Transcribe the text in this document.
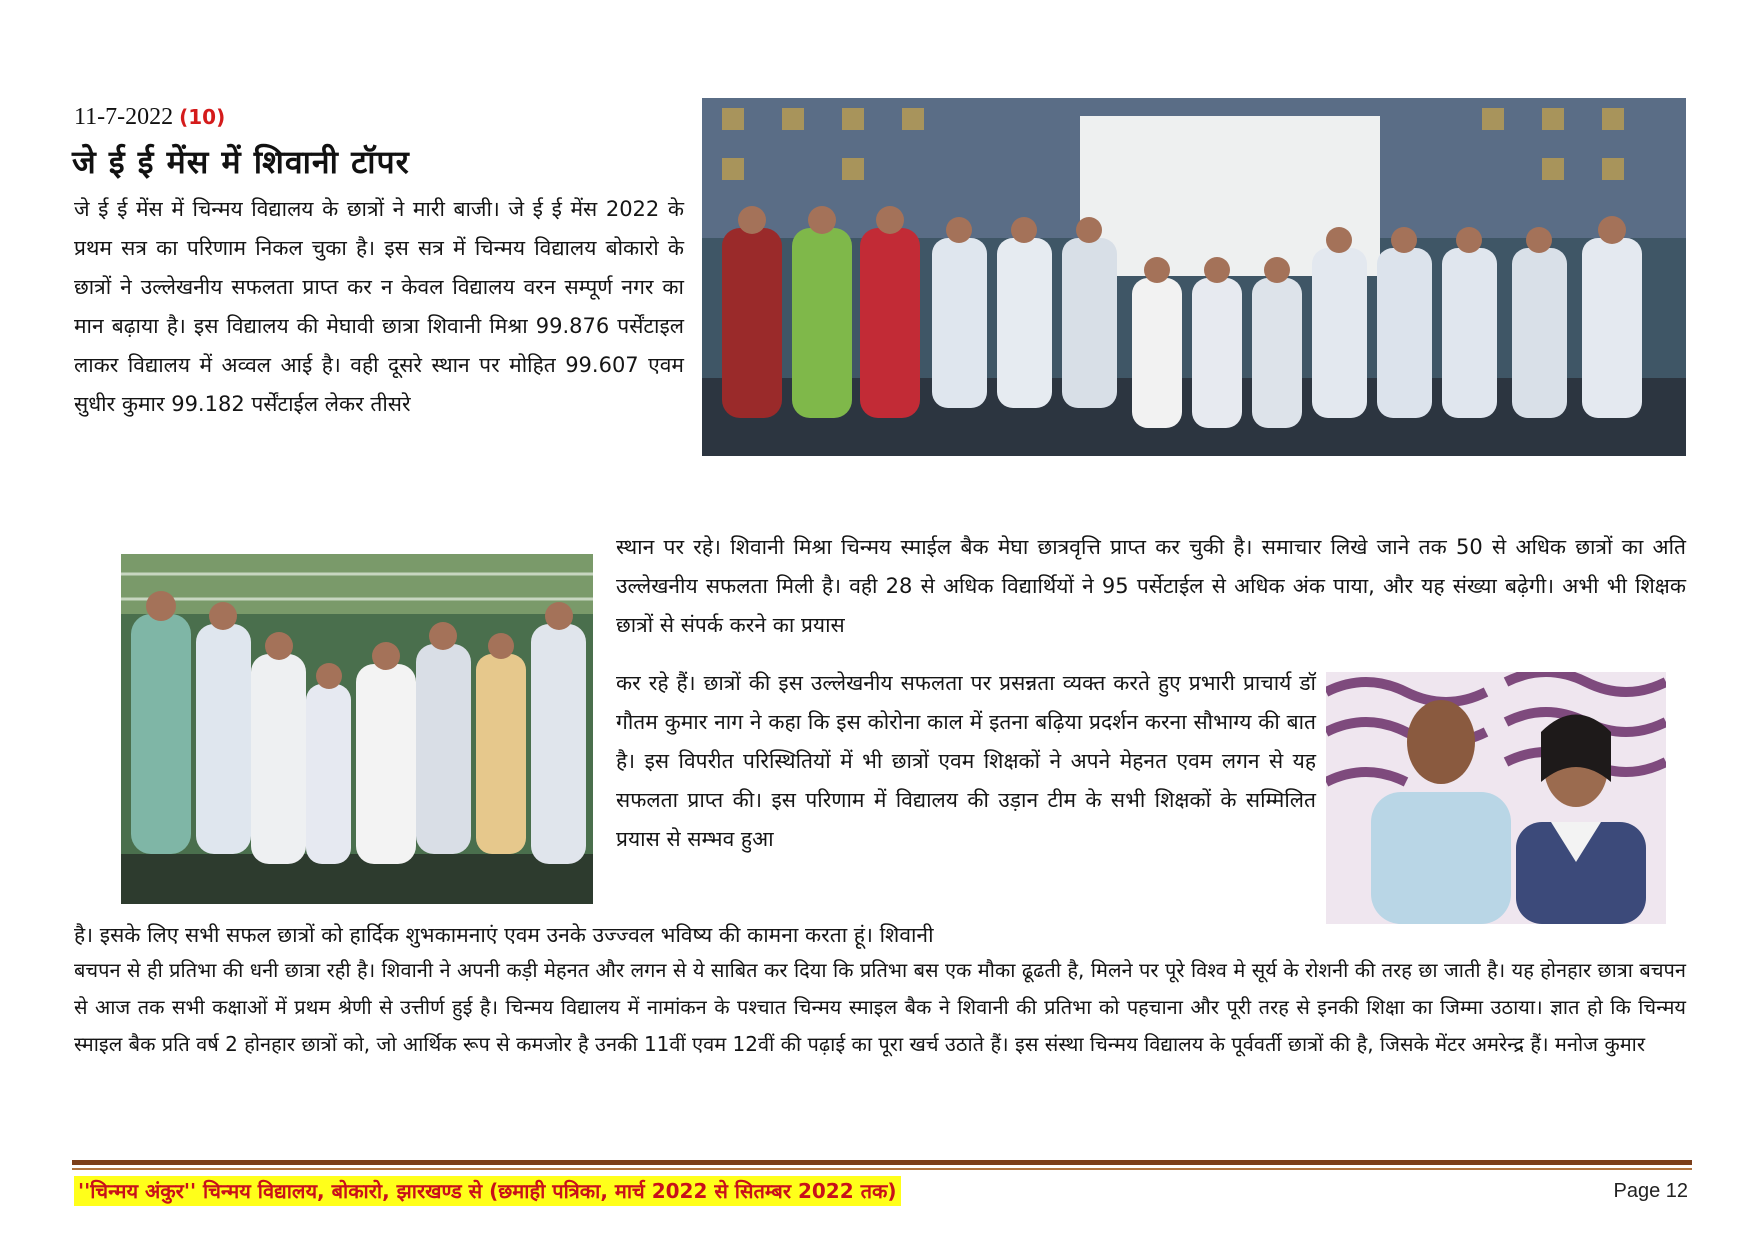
11-7-2022 (10)
जे ई ई मेंस में शिवानी टॉपर
जे ई ई मेंस में चिन्मय विद्यालय के छात्रों ने मारी बाजी। जे ई ई मेंस 2022 के प्रथम सत्र का परिणाम निकल चुका है। इस सत्र में चिन्मय विद्यालय बोकारो के छात्रों ने उल्लेखनीय सफलता प्राप्त कर न केवल विद्यालय वरन सम्पूर्ण नगर का मान बढ़ाया है। इस विद्यालय की मेघावी छात्रा शिवानी मिश्रा 99.876 पर्सेंटाइल लाकर विद्यालय में अव्वल आई है। वही दूसरे स्थान पर मोहित 99.607 एवम सुधीर कुमार 99.182 पर्सेंटाईल लेकर तीसरे
स्थान पर रहे। शिवानी मिश्रा चिन्मय स्माईल बैक मेघा छात्रवृत्ति प्राप्त कर चुकी है। समाचार लिखे जाने तक 50 से अधिक छात्रों का अति उल्लेखनीय सफलता मिली है। वही 28 से अधिक विद्यार्थियों ने 95 पर्सेटाईल से अधिक अंक पाया, और यह संख्या बढ़ेगी। अभी भी शिक्षक छात्रों से संपर्क करने का प्रयास
कर रहे हैं। छात्रों की इस उल्लेखनीय सफलता पर प्रसन्नता व्यक्त करते हुए प्रभारी प्राचार्य डॉ गौतम कुमार नाग ने कहा कि इस कोरोना काल में इतना बढ़िया प्रदर्शन करना सौभाग्य की बात है। इस विपरीत परिस्थितियों में भी छात्रों एवम शिक्षकों ने अपने मेहनत एवम लगन से यह सफलता प्राप्त की। इस परिणाम में विद्यालय की उड़ान टीम के सभी शिक्षकों के सम्मिलित प्रयास से सम्भव हुआ
है। इसके लिए सभी सफल छात्रों को हार्दिक शुभकामनाएं एवम उनके उज्ज्वल भविष्य की कामना करता हूं। शिवानी
बचपन से ही प्रतिभा की धनी छात्रा रही है। शिवानी ने अपनी कड़ी मेहनत और लगन से ये साबित कर दिया कि प्रतिभा बस एक मौका ढूढती है, मिलने पर पूरे विश्व मे सूर्य के रोशनी की तरह छा जाती है। यह होनहार छात्रा बचपन से आज तक सभी कक्षाओं में प्रथम श्रेणी से उत्तीर्ण हुई है। चिन्मय विद्यालय में नामांकन के पश्चात चिन्मय स्माइल बैक ने शिवानी की प्रतिभा को पहचाना और पूरी तरह से इनकी शिक्षा का जिम्मा उठाया। ज्ञात हो कि चिन्मय स्माइल बैक प्रति वर्ष 2 होनहार छात्रों को, जो आर्थिक रूप से कमजोर है उनकी 11वीं एवम 12वीं की पढ़ाई का पूरा खर्च उठाते हैं। इस संस्था चिन्मय विद्यालय के पूर्ववर्ती छात्रों की है, जिसके मेंटर अमरेन्द्र हैं। मनोज कुमार
''चिन्मय अंकुर'' चिन्मय विद्यालय, बोकारो, झारखण्ड से (छमाही पत्रिका, मार्च 2022 से सितम्बर 2022 तक)	Page 12
